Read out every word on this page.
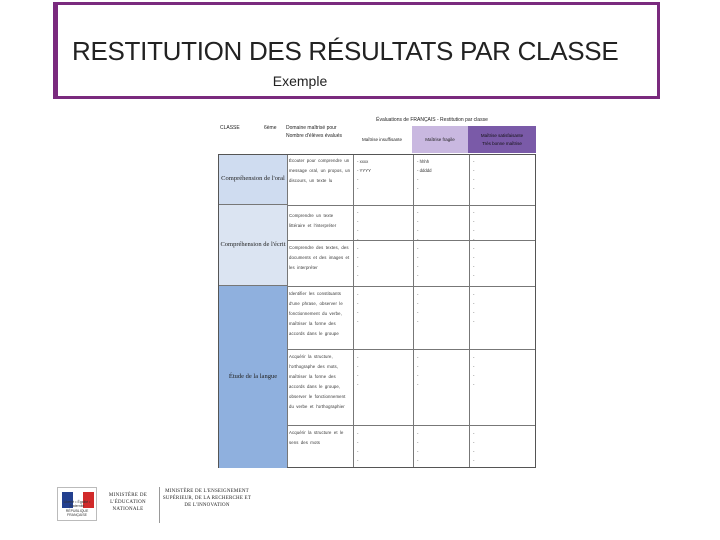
RESTITUTION DES RÉSULTATS PAR CLASSE
Exemple
Évaluations de FRANÇAIS - Restitution par classe
CLASSE	6ème Domaine maîtrisé pour Nombre d'élèves évalués
Maîtrise insuffisante	Maîtrise fragile
Maîtrise satisfaisante
Très bonne maîtrise
Compréhension de l'oral
Compréhension de l'écrit
Étude de la langue
Écouter pour comprendre un message oral, un propos, un discours, un texte lu
- xxxx
- YYYY
-
-
- hhhh
- ddddd
-
-
-
-
-
-
Comprendre un texte littéraire et l'interpréter
-
-
-
-
-
-
-
-
-
-
-
-
Comprendre des textes, des documents et des images et les interpréter
-
-
-
-
-
-
-
-
-
-
-
-
Identifier les constituants d'une phrase, observer le fonctionnement du verbe, maîtriser la forme des accords dans le groupe
-
-
-
-
-
-
-
-
-
-
-
-
Acquérir la structure, l'orthographe des mots, maîtriser la forme des accords dans le groupe, observer le fonctionnement du verbe et l'orthographier
-
-
-
-
-
-
-
-
-
-
-
-
Acquérir la structure et le sens des mots
-
-
-
-
-
-
-
-
-
-
-
-
Liberté • Égalité • Fraternité RÉPUBLIQUE FRANÇAISE
MINISTÈRE DE L'ÉDUCATION NATIONALE
MINISTÈRE DE L'ENSEIGNEMENT SUPÉRIEUR, DE LA RECHERCHE ET DE L'INNOVATION
